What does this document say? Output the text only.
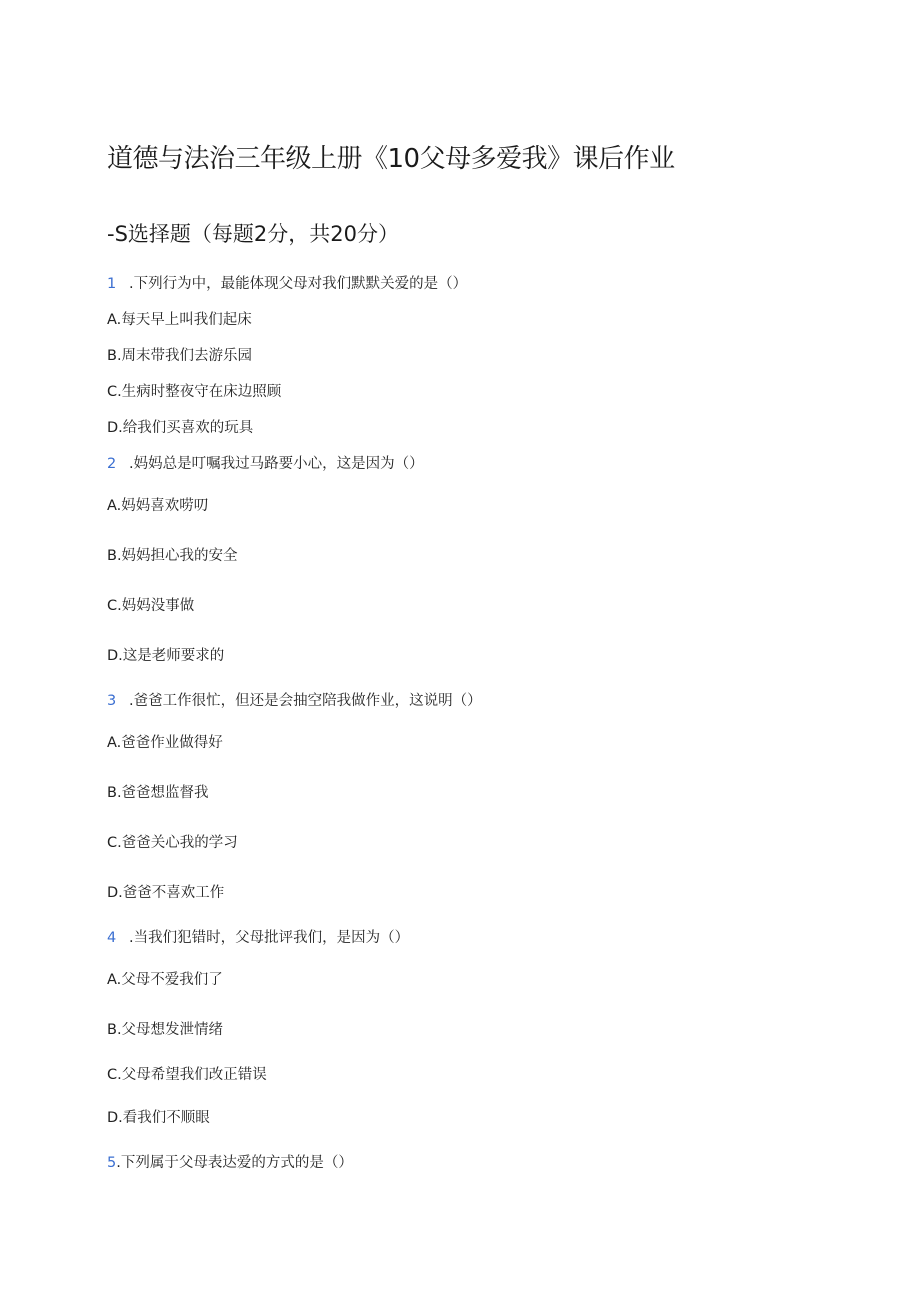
道德与法治三年级上册《10父母多爱我》课后作业
-S选择题（每题2分，共20分）
1 .下列行为中，最能体现父母对我们默默关爱的是（）
A.每天早上叫我们起床
B.周末带我们去游乐园
C.生病时整夜守在床边照顾
D.给我们买喜欢的玩具
2 .妈妈总是叮嘱我过马路要小心，这是因为（）
A.妈妈喜欢唠叨
B.妈妈担心我的安全
C.妈妈没事做
D.这是老师要求的
3 .爸爸工作很忙，但还是会抽空陪我做作业，这说明（）
A.爸爸作业做得好
B.爸爸想监督我
C.爸爸关心我的学习
D.爸爸不喜欢工作
4 .当我们犯错时，父母批评我们，是因为（）
A.父母不爱我们了
B.父母想发泄情绪
C.父母希望我们改正错误
D.看我们不顺眼
5.下列属于父母表达爱的方式的是（）
